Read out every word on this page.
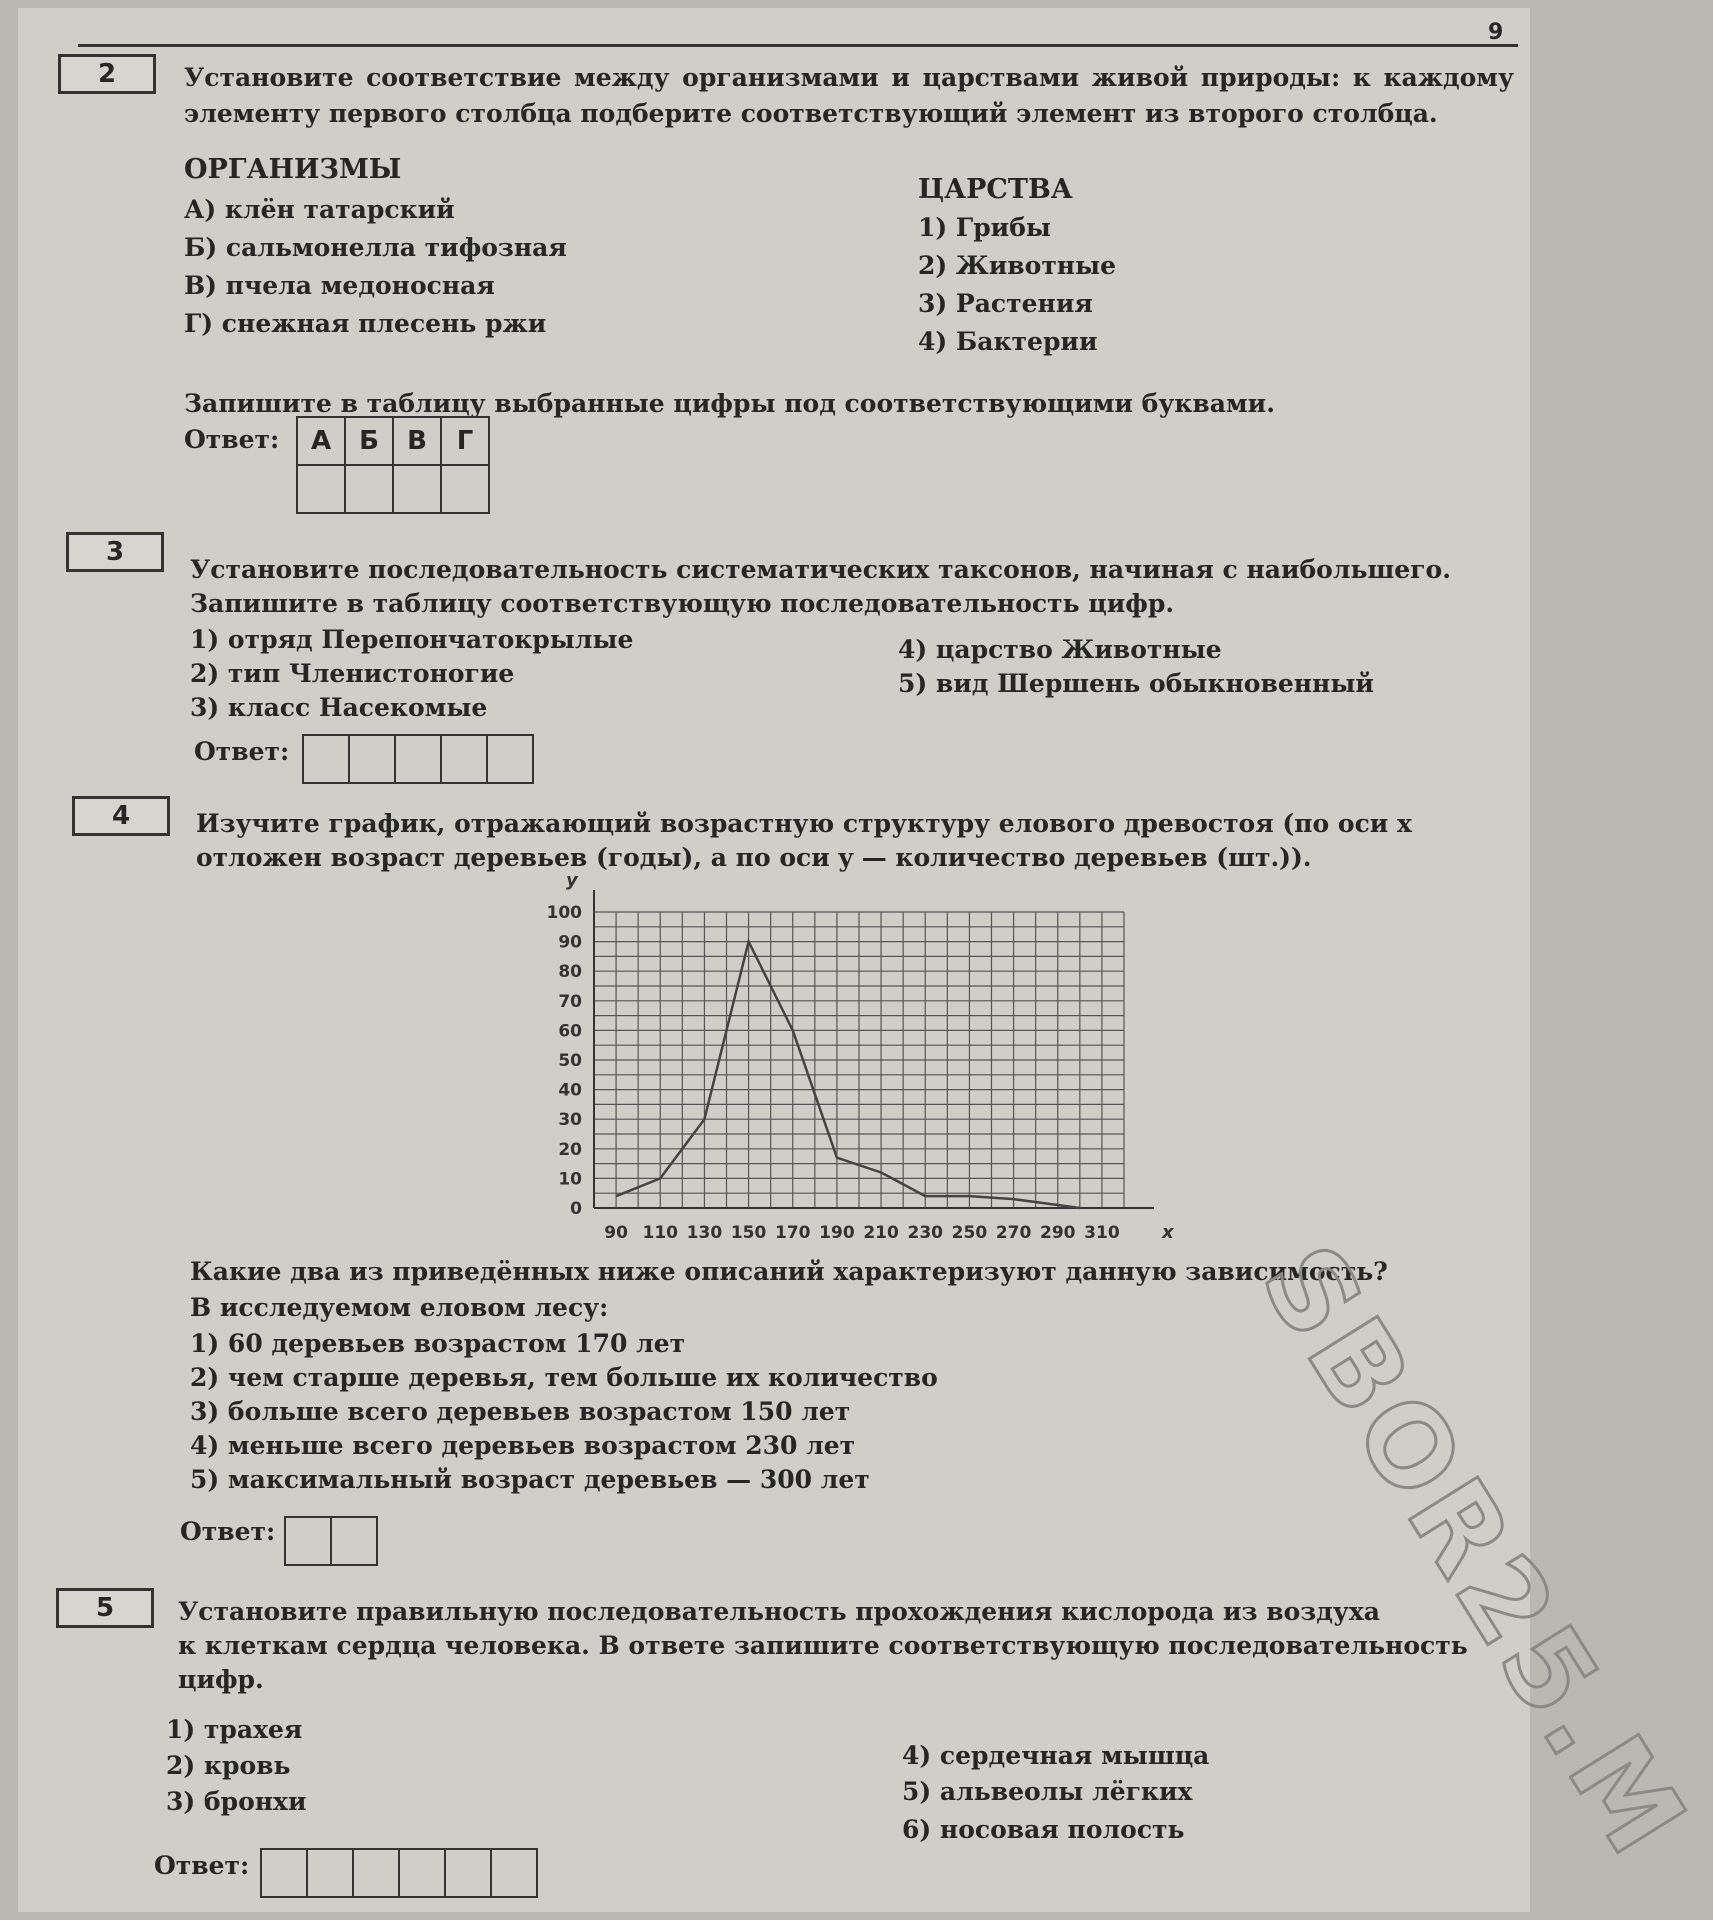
9
2	Установите соответствие между организмами и царствами живой природы: к каждому элементу первого столбца подберите соответствующий элемент из второго столбца.
ОРГАНИЗМЫ
А) клён татарский
Б) сальмонелла тифозная
В) пчела медоносная
Г) снежная плесень ржи
ЦАРСТВА
1) Грибы
2) Животные
3) Растения
4) Бактерии
Запишите в таблицу выбранные цифры под соответствующими буквами.
Ответ: А	Б	В	Г

3
Установите последовательность систематических таксонов, начиная с наибольшего.
Запишите в таблицу соответствующую последовательность цифр.
1) отряд Перепончатокрылые
2) тип Членистоногие
3) класс Насекомые
4) царство Животные
5) вид Шершень обыкновенный
Ответ:
4	Изучите график, отражающий возрастную структуру елового древостоя (по оси x
отложен возраст деревьев (годы), а по оси y — количество деревьев (шт.)).
0
10
20
30
40
50
60
70
80
90
100
90 110 130 150 170 190 210 230 250 270 290 310
y
x
Какие два из приведённых ниже описаний характеризуют данную зависимость?
В исследуемом еловом лесу:
1) 60 деревьев возрастом 170 лет
2) чем старше деревья, тем больше их количество
3) больше всего деревьев возрастом 150 лет
4) меньше всего деревьев возрастом 230 лет
5) максимальный возраст деревьев — 300 лет
Ответ:
5	Установите правильную последовательность прохождения кислорода из воздуха
к клеткам сердца человека. В ответе запишите соответствующую последовательность
цифр.
1) трахея
2) кровь
3) бронхи
4) сердечная мышца
5) альвеолы лёгких
6) носовая полость
Ответ:	SBOR25.M
